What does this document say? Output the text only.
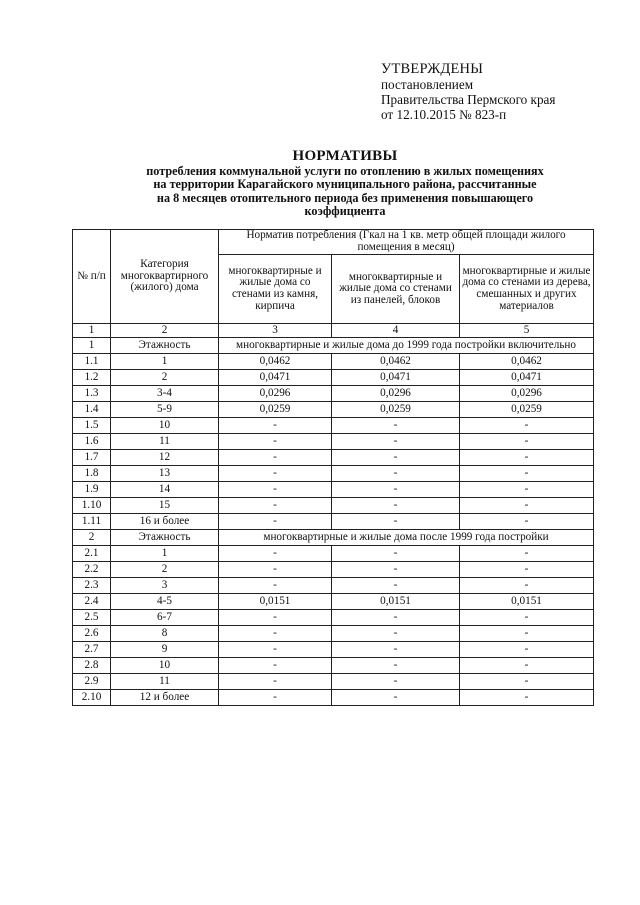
УТВЕРЖДЕНЫ
постановлением
Правительства Пермского края
от 12.10.2015 № 823-п
НОРМАТИВЫ
потребления коммунальной услуги по отоплению в жилых помещениях
на территории Карагайского муниципального района, рассчитанные
на 8 месяцев отопительного периода без применения повышающего
коэффициента
№ п/п	Категория многоквартирного (жилого) дома	Норматив потребления (Гкал на 1 кв. метр общей площади жилого помещения в месяц)		
		многоквартирные и жилые дома со стенами из камня, кирпича	многоквартирные и жилые дома со стенами из панелей, блоков	многоквартирные и жилые дома со стенами из дерева, смешанных и других материалов
1	2	3	4	5
1	Этажность	многоквартирные и жилые дома до 1999 года постройки включительно		
1.1	1	0,0462	0,0462	0,0462
1.2	2	0,0471	0,0471	0,0471
1.3	3-4	0,0296	0,0296	0,0296
1.4	5-9	0,0259	0,0259	0,0259
1.5	10	-	-	-
1.6	11	-	-	-
1.7	12	-	-	-
1.8	13	-	-	-
1.9	14	-	-	-
1.10	15	-	-	-
1.11	16 и более	-	-	-
2	Этажность	многоквартирные и жилые дома после 1999 года постройки		
2.1	1	-	-	-
2.2	2	-	-	-
2.3	3	-	-	-
2.4	4-5	0,0151	0,0151	0,0151
2.5	6-7	-	-	-
2.6	8	-	-	-
2.7	9	-	-	-
2.8	10	-	-	-
2.9	11	-	-	-
2.10	12 и более	-	-	-
